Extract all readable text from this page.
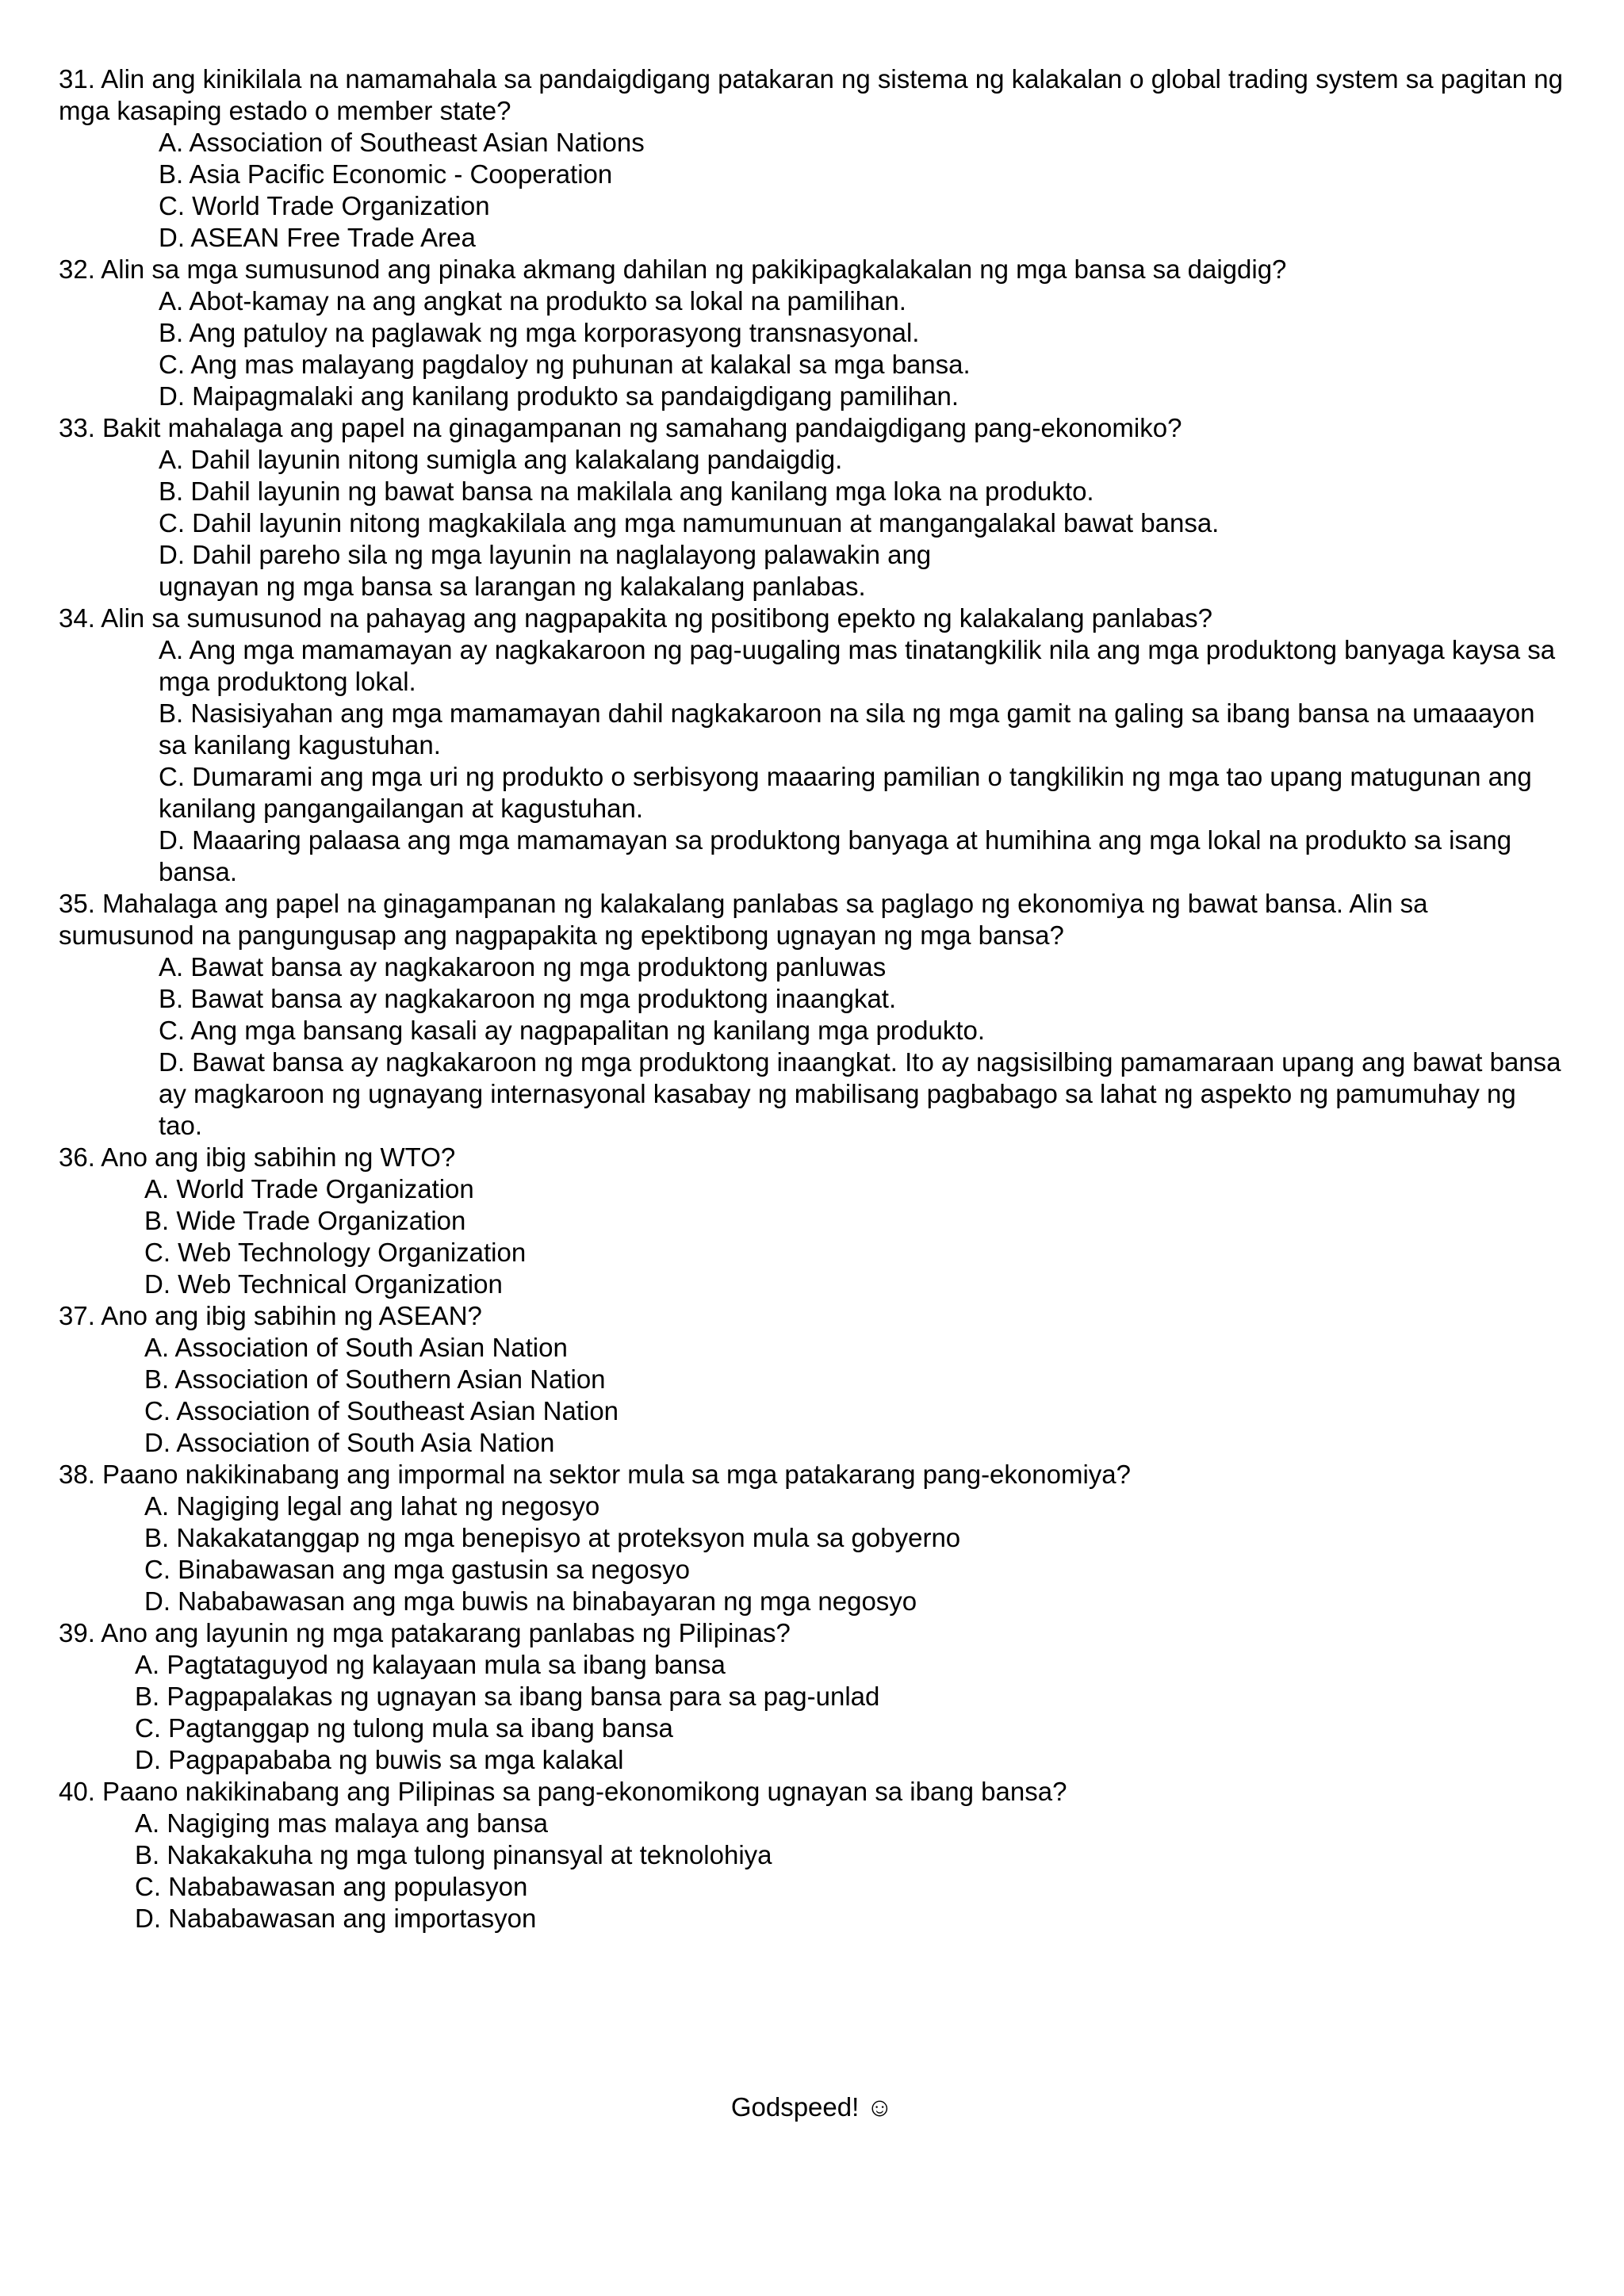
31. Alin ang kinikilala na namamahala sa pandaigdigang patakaran ng sistema ng kalakalan o global trading system sa pagitan ng mga kasaping estado o member state?

A. Association of Southeast Asian Nations

B. Asia Pacific Economic - Cooperation

C. World Trade Organization

D. ASEAN Free Trade Area

32. Alin sa mga sumusunod ang pinaka akmang dahilan ng pakikipagkalakalan ng mga bansa sa daigdig?

A. Abot-kamay na ang angkat na produkto sa lokal na pamilihan.

B. Ang patuloy na paglawak ng mga korporasyong transnasyonal.

C. Ang mas malayang pagdaloy ng puhunan at kalakal sa mga bansa.

D. Maipagmalaki ang kanilang produkto sa pandaigdigang pamilihan.

33. Bakit mahalaga ang papel na ginagampanan ng samahang pandaigdigang pang-ekonomiko?

A. Dahil layunin nitong sumigla ang kalakalang pandaigdig.

B. Dahil layunin ng bawat bansa na makilala ang kanilang mga loka na produkto.

C. Dahil layunin nitong magkakilala ang mga namumunuan at mangangalakal bawat bansa.

D. Dahil pareho sila ng mga layunin na naglalayong palawakin ang

ugnayan ng mga bansa sa larangan ng kalakalang panlabas.

34. Alin sa sumusunod na pahayag ang nagpapakita ng positibong epekto ng kalakalang panlabas?

A. Ang mga mamamayan ay nagkakaroon ng pag-uugaling mas tinatangkilik nila ang mga produktong banyaga kaysa sa mga produktong lokal.

B. Nasisiyahan ang mga mamamayan dahil nagkakaroon na sila ng mga gamit na galing sa ibang bansa na umaaayon sa kanilang kagustuhan.

C. Dumarami ang mga uri ng produkto o serbisyong maaaring pamilian o tangkilikin ng mga tao upang matugunan ang kanilang pangangailangan at kagustuhan.

D. Maaaring palaasa ang mga mamamayan sa produktong banyaga at humihina ang mga lokal na produkto sa isang bansa.

35. Mahalaga ang papel na ginagampanan ng kalakalang panlabas sa paglago ng ekonomiya ng bawat bansa. Alin sa sumusunod na pangungusap ang nagpapakita ng epektibong ugnayan ng mga bansa?

A. Bawat bansa ay nagkakaroon ng mga produktong panluwas

B. Bawat bansa ay nagkakaroon ng mga produktong inaangkat.

C. Ang mga bansang kasali ay nagpapalitan ng kanilang mga produkto.

D. Bawat bansa ay nagkakaroon ng mga produktong inaangkat. Ito ay nagsisilbing pamamaraan upang ang bawat bansa ay magkaroon ng ugnayang internasyonal kasabay ng mabilisang pagbabago sa lahat ng aspekto ng pamumuhay ng tao.

36. Ano ang ibig sabihin ng WTO?

A. World Trade Organization

B. Wide Trade Organization

C. Web Technology Organization

D. Web Technical Organization

37. Ano ang ibig sabihin ng ASEAN?

A. Association of South Asian Nation

B. Association of Southern Asian Nation

C. Association of Southeast Asian Nation

D. Association of South Asia Nation

38. Paano nakikinabang ang impormal na sektor mula sa mga patakarang pang-ekonomiya?

A. Nagiging legal ang lahat ng negosyo

B. Nakakatanggap ng mga benepisyo at proteksyon mula sa gobyerno

C. Binabawasan ang mga gastusin sa negosyo

D. Nababawasan ang mga buwis na binabayaran ng mga negosyo

39. Ano ang layunin ng mga patakarang panlabas ng Pilipinas?

A. Pagtataguyod ng kalayaan mula sa ibang bansa

B. Pagpapalakas ng ugnayan sa ibang bansa para sa pag-unlad

C. Pagtanggap ng tulong mula sa ibang bansa

D. Pagpapababa ng buwis sa mga kalakal

40. Paano nakikinabang ang Pilipinas sa pang-ekonomikong ugnayan sa ibang bansa?

A. Nagiging mas malaya ang bansa

B. Nakakakuha ng mga tulong pinansyal at teknolohiya

C. Nababawasan ang populasyon

D. Nababawasan ang importasyon

Godspeed! ☺
